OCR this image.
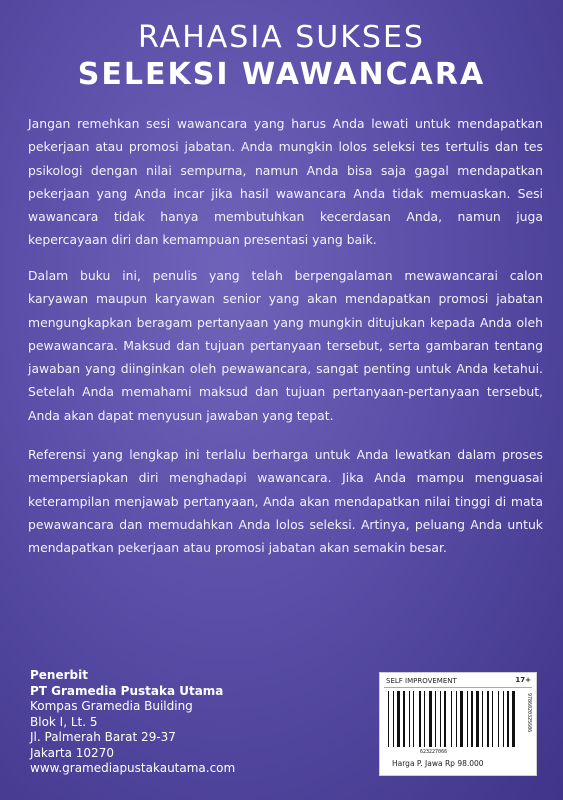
RAHASIA SUKSES
SELEKSI WAWANCARA

Jangan remehkan sesi wawancara yang harus Anda lewati untuk mendapatkan pekerjaan atau promosi jabatan. Anda mungkin lolos seleksi tes tertulis dan tes psikologi dengan nilai sempurna, namun Anda bisa saja gagal mendapatkan pekerjaan yang Anda incar jika hasil wawancara Anda tidak memuaskan. Sesi wawancara tidak hanya membutuhkan kecerdasan Anda, namun juga kepercayaan diri dan kemampuan presentasi yang baik.

Dalam buku ini, penulis yang telah berpengalaman mewawancarai calon karyawan maupun karyawan senior yang akan mendapatkan promosi jabatan mengungkapkan beragam pertanyaan yang mungkin ditujukan kepada Anda oleh pewawancara. Maksud dan tujuan pertanyaan tersebut, serta gambaran tentang jawaban yang diinginkan oleh pewawancara, sangat penting untuk Anda ketahui. Setelah Anda memahami maksud dan tujuan pertanyaan-pertanyaan tersebut, Anda akan dapat menyusun jawaban yang tepat.

Referensi yang lengkap ini terlalu berharga untuk Anda lewatkan dalam proses mempersiapkan diri menghadapi wawancara. Jika Anda mampu menguasai keterampilan menjawab pertanyaan, Anda akan mendapatkan nilai tinggi di mata pewawancara dan memudahkan Anda lolos seleksi. Artinya, peluang Anda untuk mendapatkan pekerjaan atau promosi jabatan akan semakin besar.

Penerbit
PT Gramedia Pustaka Utama
Kompas Gramedia Building
Blok I, Lt. 5
Jl. Palmerah Barat 29-37
Jakarta 10270
www.gramediapustakautama.com
SELF IMPROVEMENT	17+
623227066
9786020325606
Harga P. Jawa Rp 98.000
